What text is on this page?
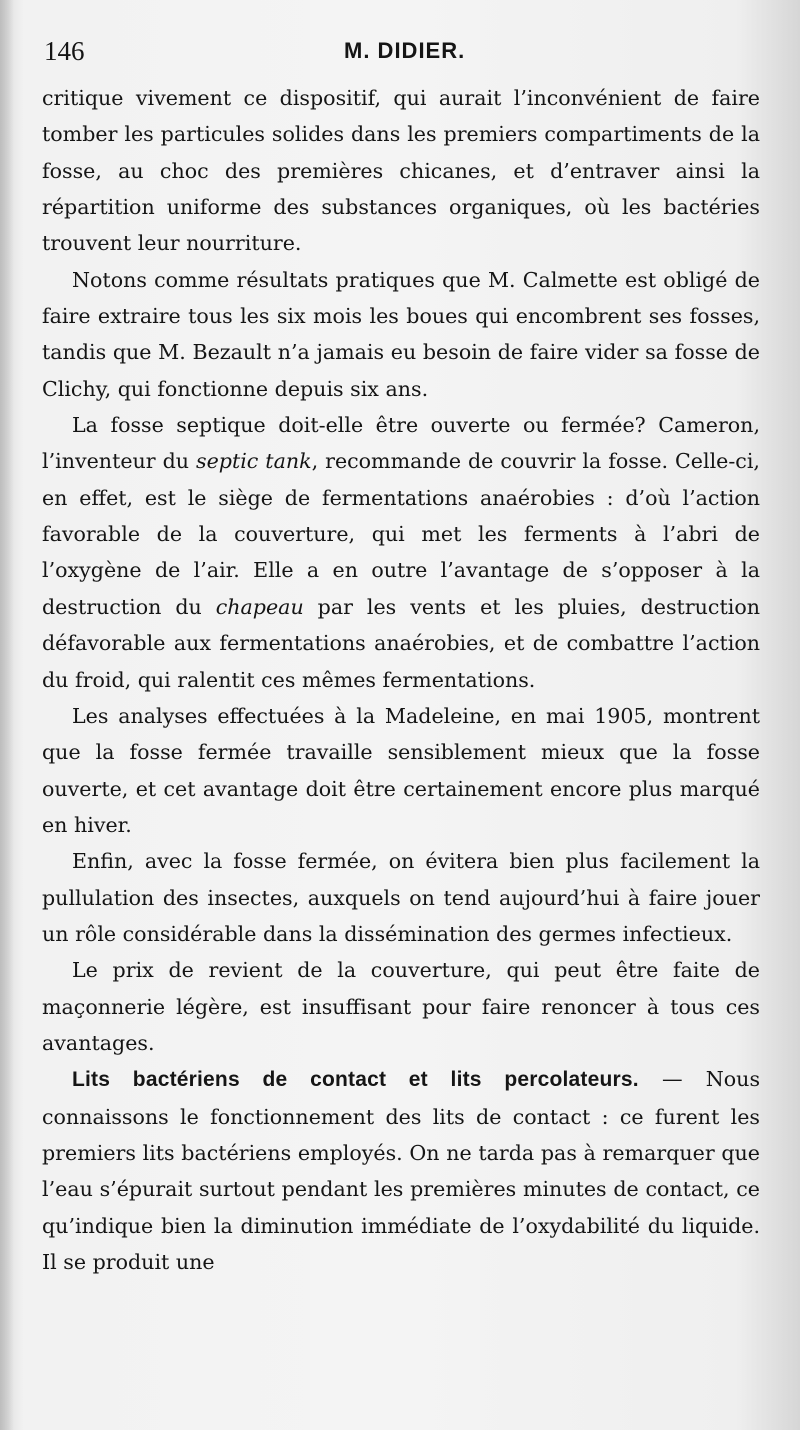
146	M. DIDIER.

critique vivement ce dispositif, qui aurait l’inconvénient de faire tomber les particules solides dans les premiers compartiments de la fosse, au choc des premières chicanes, et d’entraver ainsi la répartition uniforme des substances organiques, où les bactéries trouvent leur nourriture.

Notons comme résultats pratiques que M. Calmette est obligé de faire extraire tous les six mois les boues qui encombrent ses fosses, tandis que M. Bezault n’a jamais eu besoin de faire vider sa fosse de Clichy, qui fonctionne depuis six ans.

La fosse septique doit-elle être ouverte ou fermée? Cameron, l’inventeur du septic tank, recommande de couvrir la fosse. Celle-ci, en effet, est le siège de fermentations anaérobies : d’où l’action favorable de la couverture, qui met les ferments à l’abri de l’oxygène de l’air. Elle a en outre l’avantage de s’opposer à la destruction du chapeau par les vents et les pluies, destruction défavorable aux fermentations anaérobies, et de combattre l’action du froid, qui ralentit ces mêmes fermentations.

Les analyses effectuées à la Madeleine, en mai 1905, montrent que la fosse fermée travaille sensiblement mieux que la fosse ouverte, et cet avantage doit être certainement encore plus marqué en hiver.

Enfin, avec la fosse fermée, on évitera bien plus facilement la pullulation des insectes, auxquels on tend aujourd’hui à faire jouer un rôle considérable dans la dissémination des germes infectieux.

Le prix de revient de la couverture, qui peut être faite de maçonnerie légère, est insuffisant pour faire renoncer à tous ces avantages.

Lits bactériens de contact et lits percolateurs. — Nous connaissons le fonctionnement des lits de contact : ce furent les premiers lits bactériens employés. On ne tarda pas à remarquer que l’eau s’épurait surtout pendant les premières minutes de contact, ce qu’indique bien la diminution immédiate de l’oxydabilité du liquide. Il se produit une
